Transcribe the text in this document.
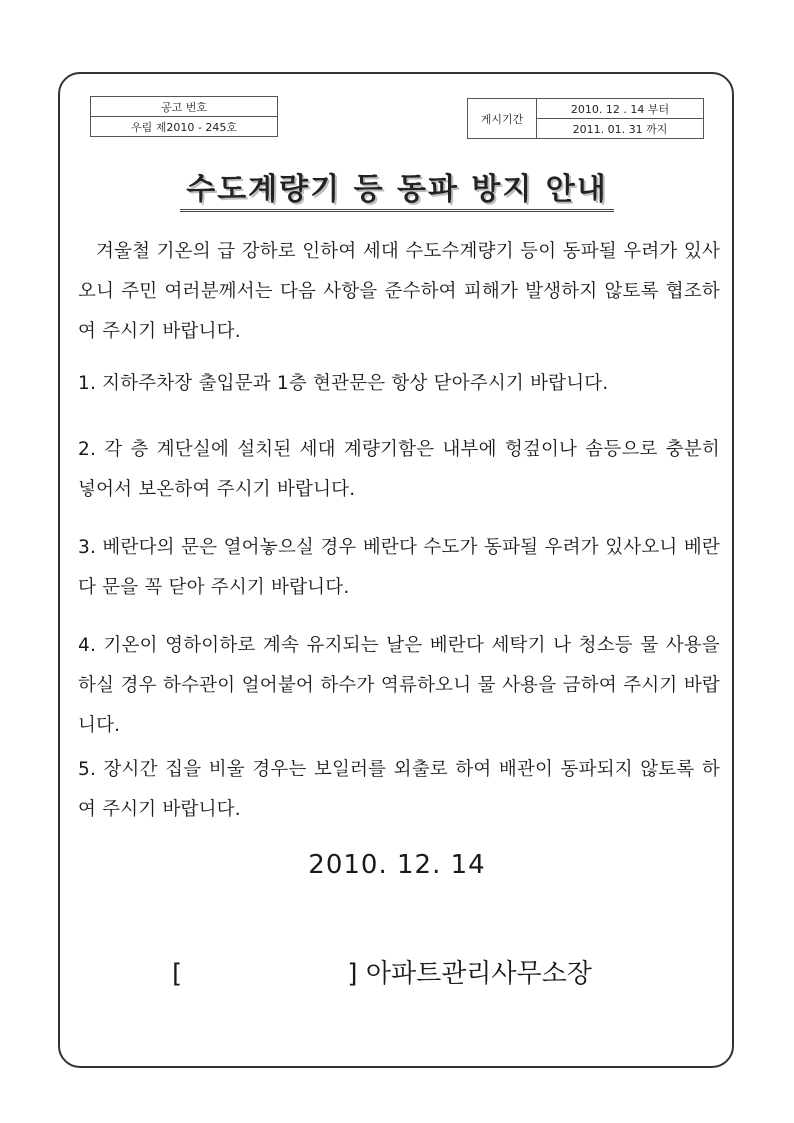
공고 번호
우림 제2010 - 245호
게시기간	2010. 12 . 14 부터
2011. 01. 31 까지
수도계량기 등 동파 방지 안내

겨울철 기온의 급 강하로 인하여 세대 수도수계량기 등이 동파될 우려가 있사오니 주민 여러분께서는 다음 사항을 준수하여 피해가 발생하지 않토록 협조하여 주시기 바랍니다.

1. 지하주차장 출입문과 1층 현관문은 항상 닫아주시기 바랍니다.

2. 각 층 계단실에 설치된 세대 계량기함은 내부에 헝겊이나 솜등으로 충분히 넣어서 보온하여 주시기 바랍니다.

3. 베란다의 문은 열어놓으실 경우 베란다 수도가 동파될 우려가 있사오니 베란다 문을 꼭 닫아 주시기 바랍니다.

4. 기온이 영하이하로 계속 유지되는 날은 베란다 세탁기 나 청소등 물 사용을 하실 경우 하수관이 얼어붙어 하수가 역류하오니 물 사용을 금하여 주시기 바랍니다.

5. 장시간 집을 비울 경우는 보일러를 외출로 하여 배관이 동파되지 않토록 하여 주시기 바랍니다.

2010. 12. 14
[                    ] 아파트관리사무소장
